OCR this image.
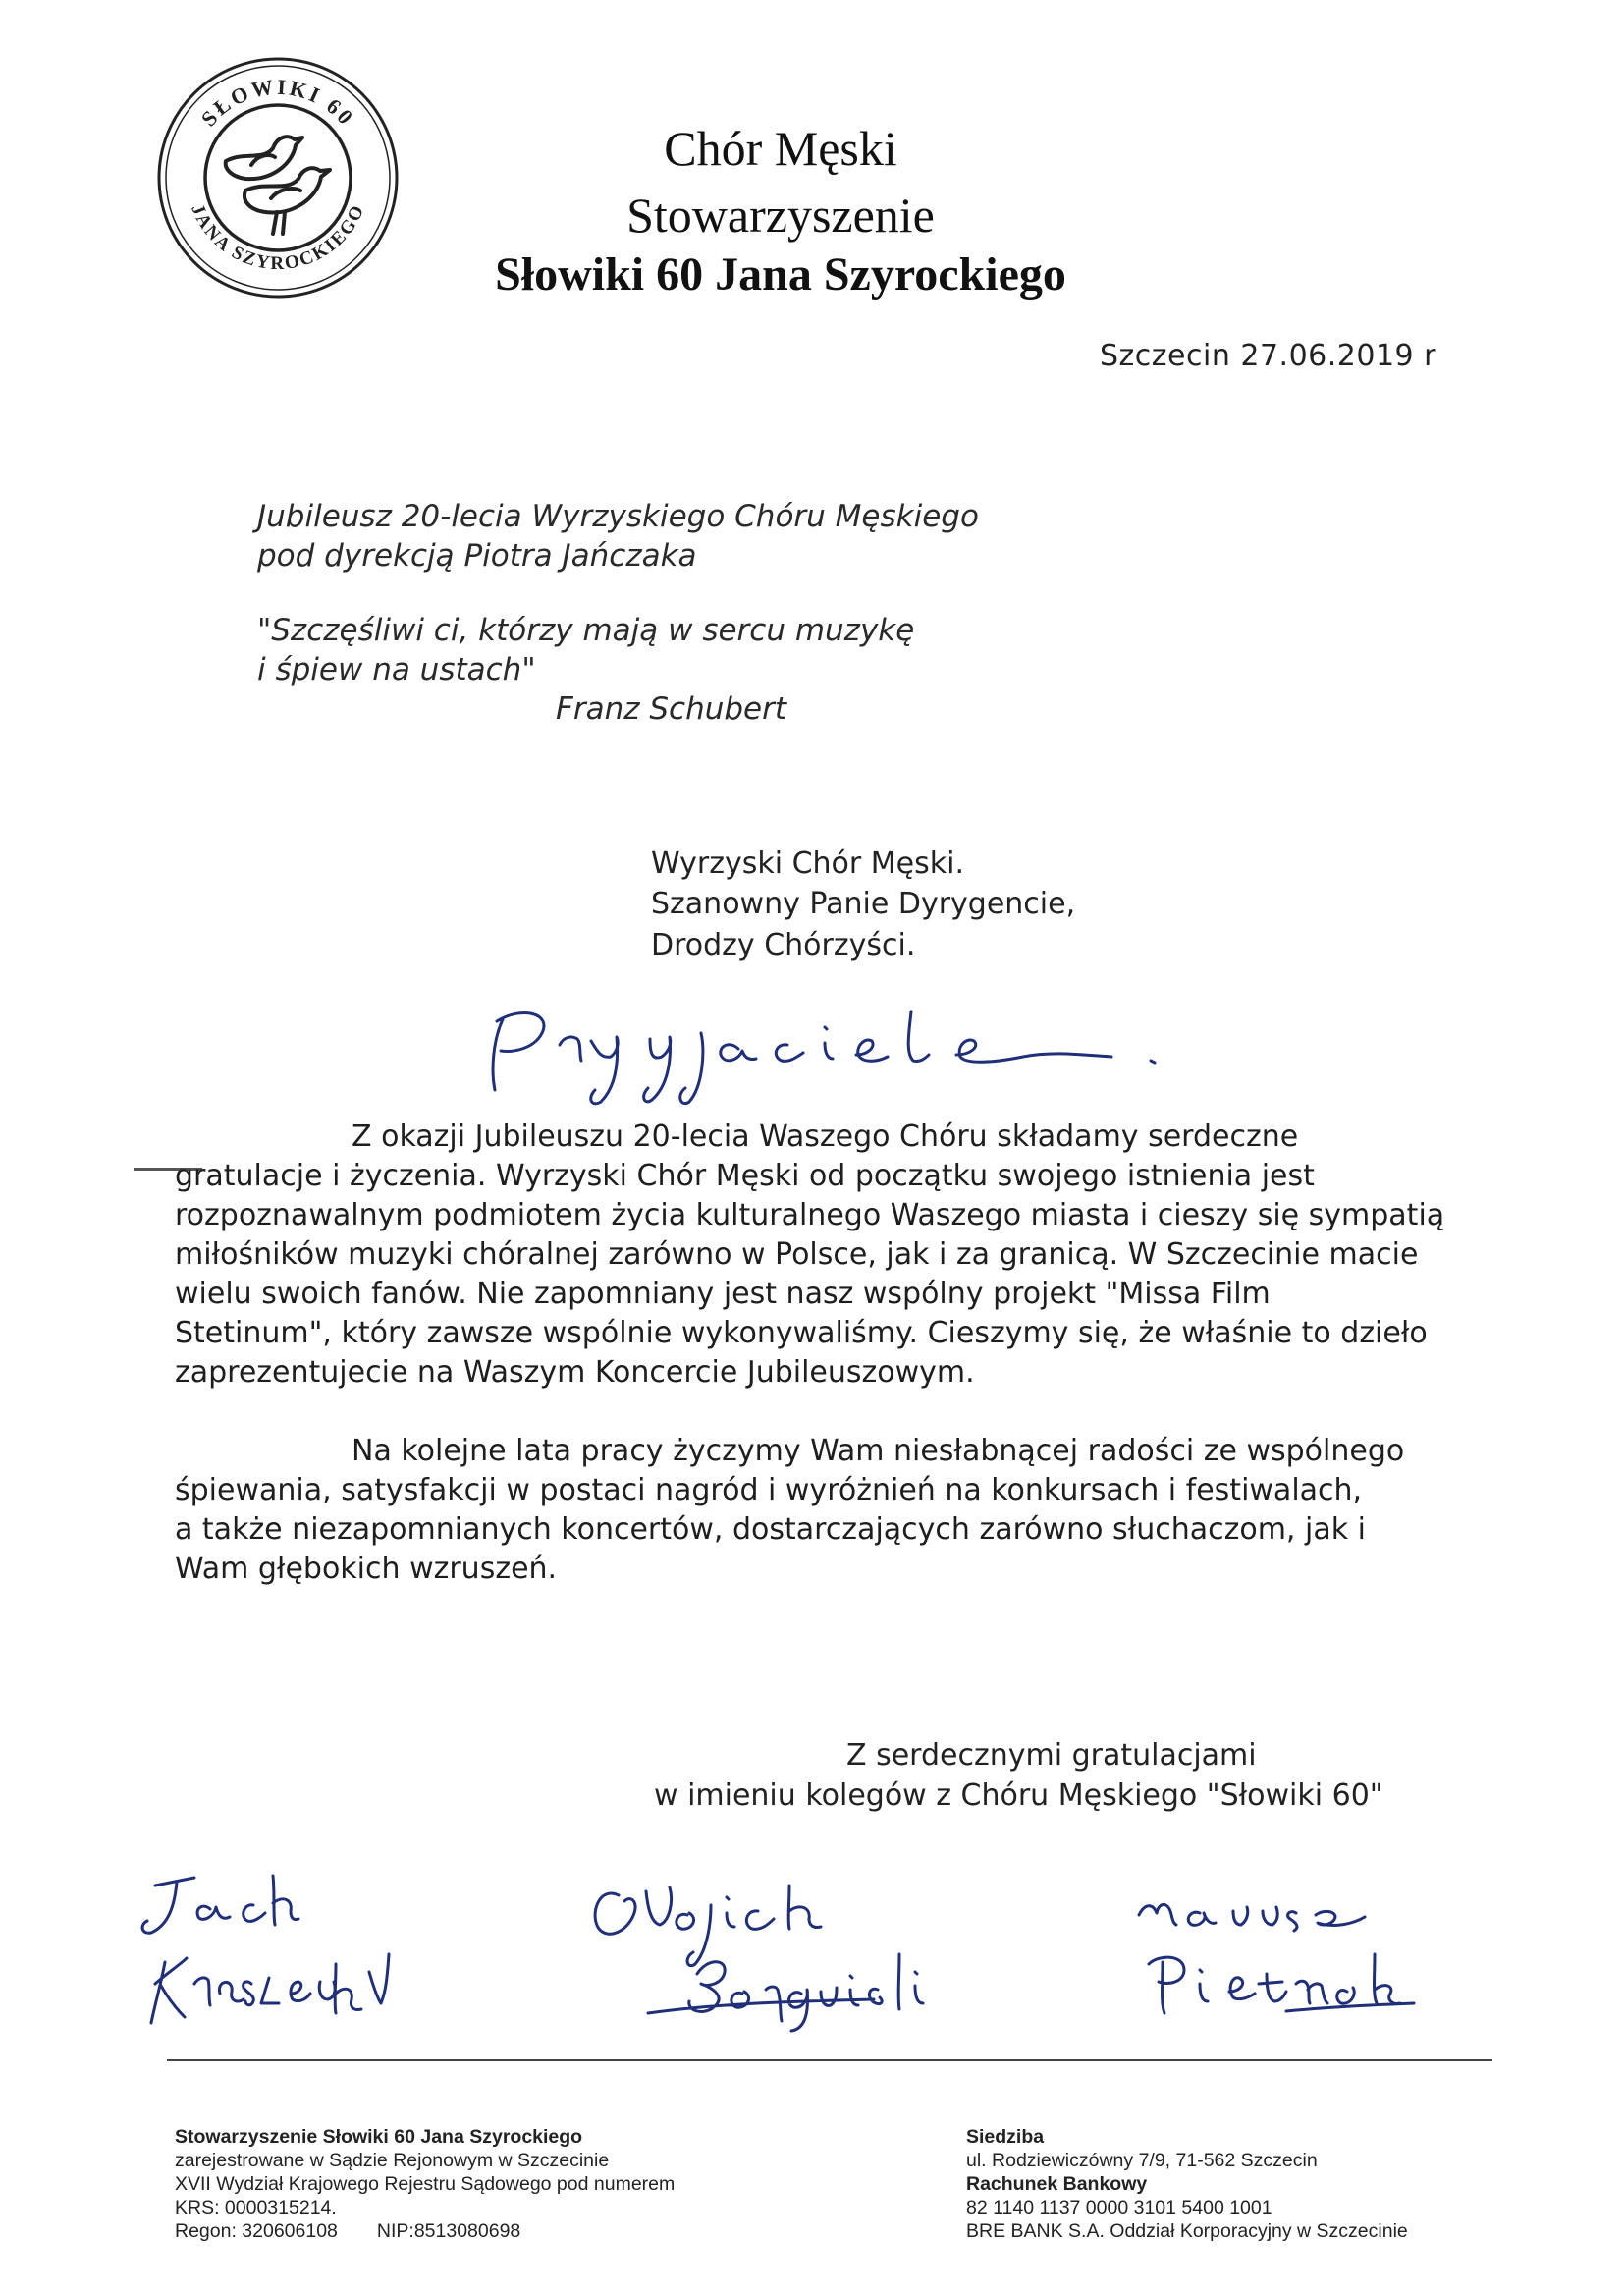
SŁOWIKI 60
JANA SZYROCKIEGO
Chór Męski
Stowarzyszenie
Słowiki 60 Jana Szyrockiego
Szczecin 27.06.2019 r
Jubileusz 20-lecia Wyrzyskiego Chóru Męskiego
pod dyrekcją Piotra Jańczaka
"Szczęśliwi ci, którzy mają w sercu muzykę
i śpiew na ustach"
Franz Schubert
Wyrzyski Chór Męski.
Szanowny Panie Dyrygencie,
Drodzy Chórzyści.
Z okazji Jubileuszu 20-lecia Waszego Chóru składamy serdeczne
gratulacje i życzenia. Wyrzyski Chór Męski od początku swojego istnienia jest
rozpoznawalnym podmiotem życia kulturalnego Waszego miasta i cieszy się sympatią
miłośników muzyki chóralnej zarówno w Polsce, jak i za granicą. W Szczecinie macie
wielu swoich fanów. Nie zapomniany jest nasz wspólny projekt "Missa Film
Stetinum", który zawsze wspólnie wykonywaliśmy. Cieszymy się, że właśnie to dzieło
zaprezentujecie na Waszym Koncercie Jubileuszowym.
Na kolejne lata pracy życzymy Wam niesłabnącej radości ze wspólnego
śpiewania, satysfakcji w postaci nagród i wyróżnień na konkursach i festiwalach,
a także niezapomnianych koncertów, dostarczających zarówno słuchaczom, jak i
Wam głębokich wzruszeń.
Z serdecznymi gratulacjami
w imieniu kolegów z Chóru Męskiego "Słowiki 60"
Stowarzyszenie Słowiki 60 Jana Szyrockiego
zarejestrowane w Sądzie Rejonowym w Szczecinie
XVII Wydział Krajowego Rejestru Sądowego pod numerem
KRS: 0000315214.
Regon: 320606108 NIP:8513080698
Siedziba
ul. Rodziewiczówny 7/9, 71-562 Szczecin
Rachunek Bankowy
82 1140 1137 0000 3101 5400 1001
BRE BANK S.A. Oddział Korporacyjny w Szczecinie
